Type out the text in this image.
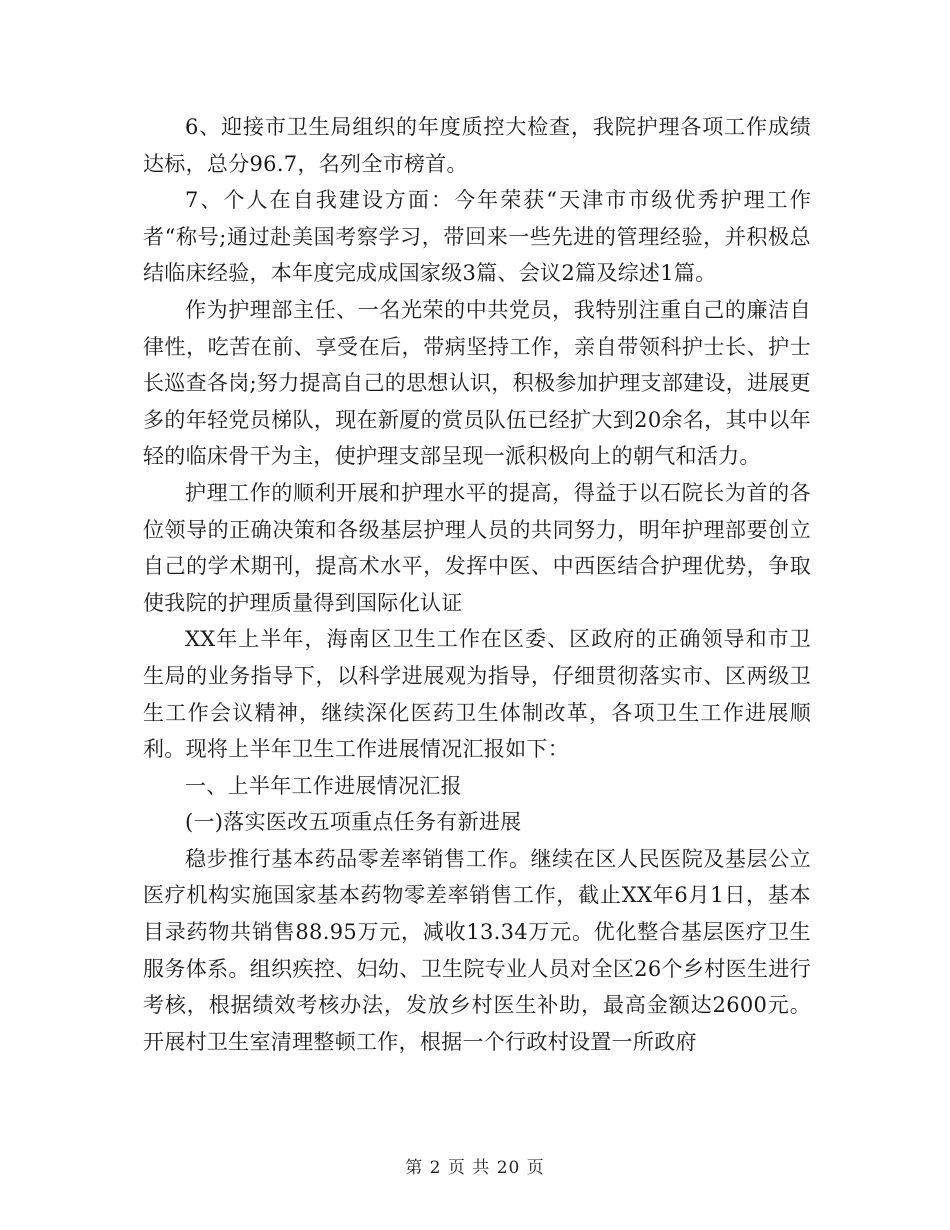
6、迎接市卫生局组织的年度质控大检查，我院护理各项工作成绩达标，总分96.7，名列全市榜首。

7、个人在自我建设方面：今年荣获“天津市市级优秀护理工作者“称号;通过赴美国考察学习，带回来一些先进的管理经验，并积极总结临床经验，本年度完成成国家级3篇、会议2篇及综述1篇。

作为护理部主任、一名光荣的中共党员，我特别注重自己的廉洁自律性，吃苦在前、享受在后，带病坚持工作，亲自带领科护士长、护士长巡查各岗;努力提高自己的思想认识，积极参加护理支部建设，进展更多的年轻党员梯队，现在新厦的赏员队伍已经扩大到20余名，其中以年轻的临床骨干为主，使护理支部呈现一派积极向上的朝气和活力。

护理工作的顺利开展和护理水平的提高，得益于以石院长为首的各位领导的正确决策和各级基层护理人员的共同努力，明年护理部要创立自己的学术期刊，提高术水平，发挥中医、中西医结合护理优势，争取使我院的护理质量得到国际化认证

XX年上半年，海南区卫生工作在区委、区政府的正确领导和市卫生局的业务指导下，以科学进展观为指导，仔细贯彻落实市、区两级卫生工作会议精神，继续深化医药卫生体制改革，各项卫生工作进展顺利。现将上半年卫生工作进展情况汇报如下：

一、上半年工作进展情况汇报

(一)落实医改五项重点任务有新进展

稳步推行基本药品零差率销售工作。继续在区人民医院及基层公立医疗机构实施国家基本药物零差率销售工作，截止XX年6月1日，基本目录药物共销售88.95万元，减收13.34万元。优化整合基层医疗卫生服务体系。组织疾控、妇幼、卫生院专业人员对全区26个乡村医生进行考核，根据绩效考核办法，发放乡村医生补助，最高金额达2600元。开展村卫生室清理整顿工作，根据一个行政村设置一所政府

第 2 页 共 20 页
